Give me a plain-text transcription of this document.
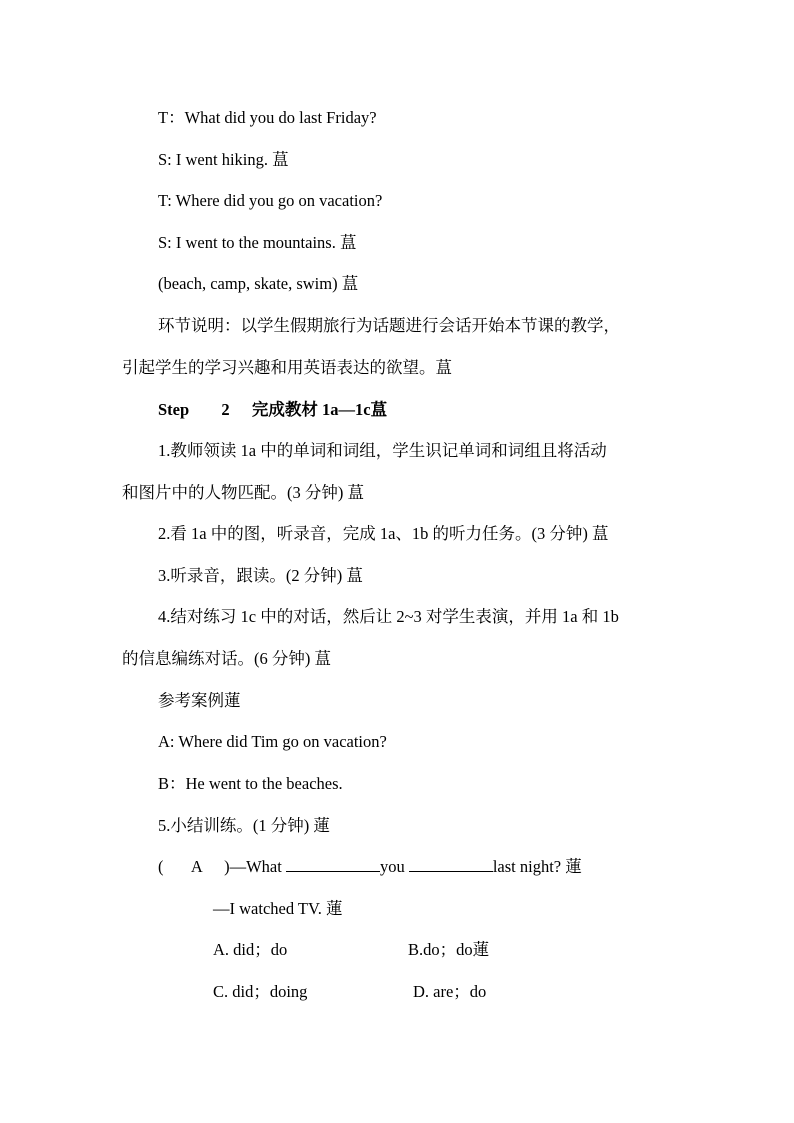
T：What did you do last Friday?
S: I went hiking. 蒀
T: Where did you go on vacation?
S: I went to the mountains. 蒀
(beach, camp, skate, swim) 蒀
环节说明：以学生假期旅行为话题进行会话开始本节课的教学，
引起学生的学习兴趣和用英语表达的欲望。蒀
Step 2 完成教材 1a—1c蒀
1.教师领读 1a 中的单词和词组，学生识记单词和词组且将活动
和图片中的人物匹配。(3 分钟) 蒀
2.看 1a 中的图，听录音，完成 1a、1b 的听力任务。(3 分钟) 蒀
3.听录音，跟读。(2 分钟) 蒀
4.结对练习 1c 中的对话，然后让 2~3 对学生表演，并用 1a 和 1b
的信息编练对话。(6 分钟) 蒀
参考案例蓮
A: Where did Tim go on vacation?
B：He went to the beaches.
5.小结训练。(1 分钟) 蓮
( A )—What	you	last night? 蓮
—I watched TV. 蓮
A. did；do	B.do；do蓮
C. did；doing	D. are；do
